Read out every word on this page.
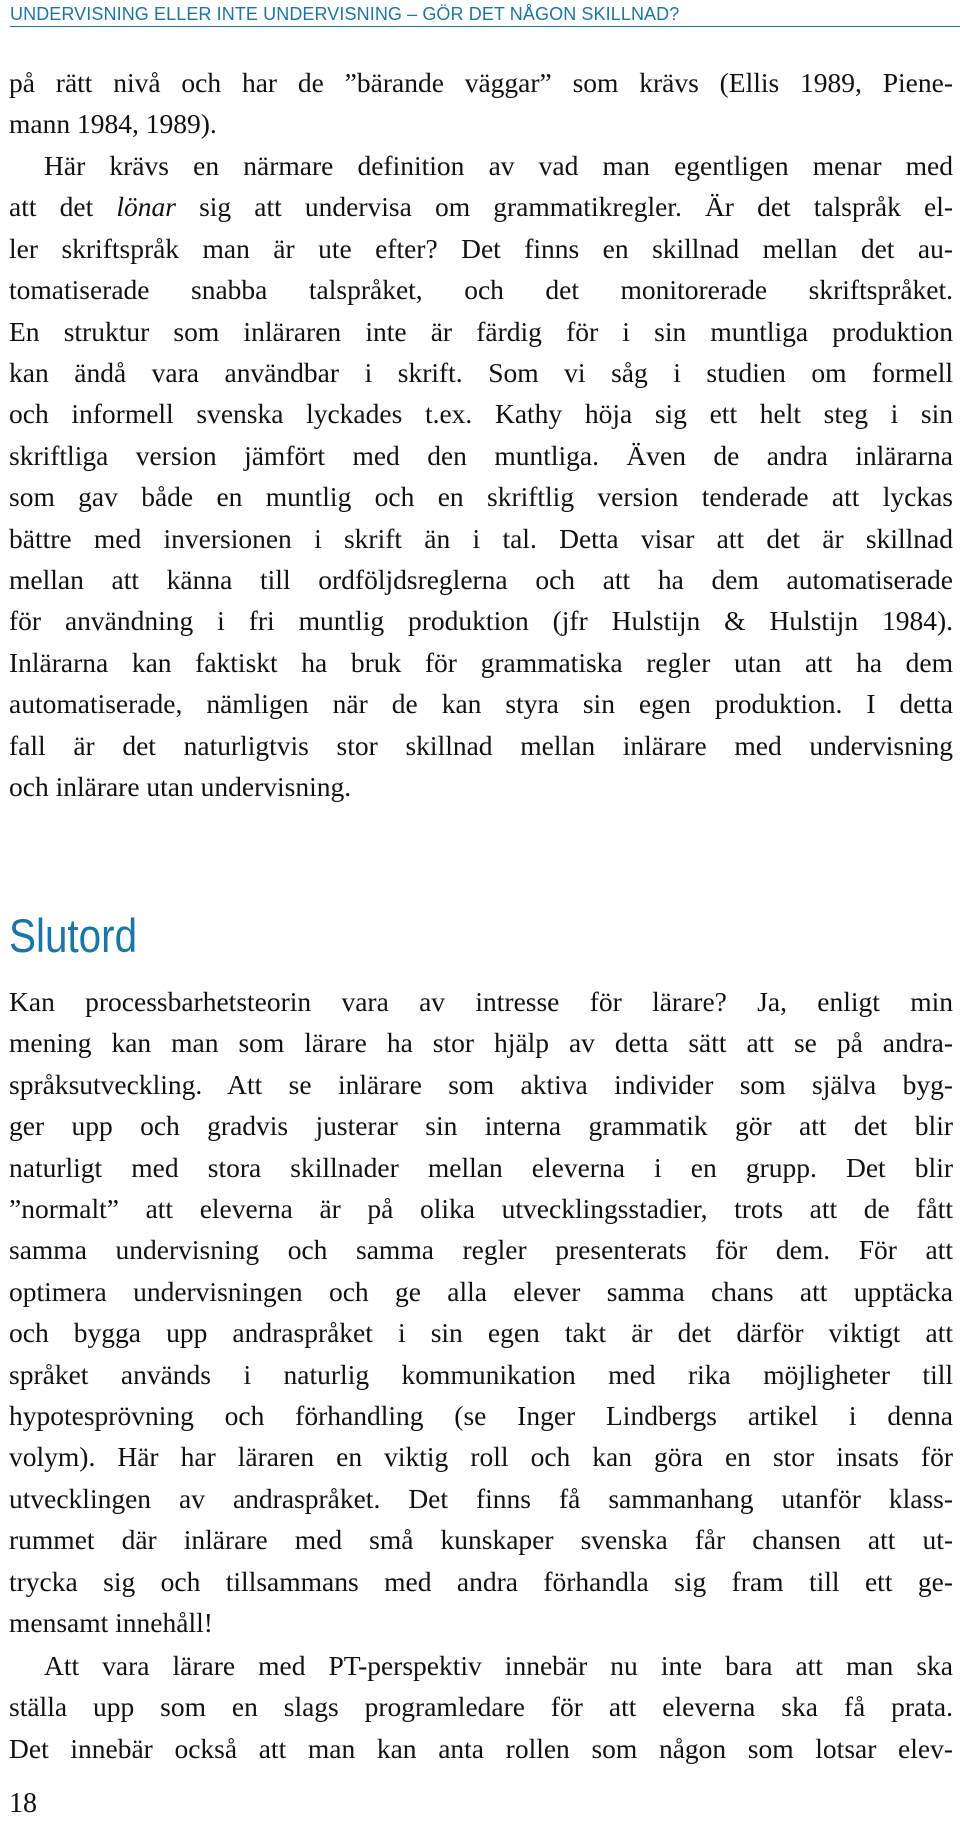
UNDERVISNING ELLER INTE UNDERVISNING – GÖR DET NÅGON SKILLNAD?
på rätt nivå och har de ”bärande väggar” som krävs (Ellis 1989, Piene-
mann 1984, 1989).
Här krävs en närmare definition av vad man egentligen menar med
att det lönar sig att undervisa om grammatikregler. Är det talspråk el-
ler skriftspråk man är ute efter? Det finns en skillnad mellan det au-
tomatiserade snabba talspråket, och det monitorerade skriftspråket.
En struktur som inläraren inte är färdig för i sin muntliga produktion
kan ändå vara användbar i skrift. Som vi såg i studien om formell
och informell svenska lyckades t.ex. Kathy höja sig ett helt steg i sin
skriftliga version jämfört med den muntliga. Även de andra inlärarna
som gav både en muntlig och en skriftlig version tenderade att lyckas
bättre med inversionen i skrift än i tal. Detta visar att det är skillnad
mellan att känna till ordföljdsreglerna och att ha dem automatiserade
för användning i fri muntlig produktion (jfr Hulstijn & Hulstijn 1984).
Inlärarna kan faktiskt ha bruk för grammatiska regler utan att ha dem
automatiserade, nämligen när de kan styra sin egen produktion. I detta
fall är det naturligtvis stor skillnad mellan inlärare med undervisning
och inlärare utan undervisning.
Slutord
Kan processbarhetsteorin vara av intresse för lärare? Ja, enligt min
mening kan man som lärare ha stor hjälp av detta sätt att se på andra-
språksutveckling. Att se inlärare som aktiva individer som själva byg-
ger upp och gradvis justerar sin interna grammatik gör att det blir
naturligt med stora skillnader mellan eleverna i en grupp. Det blir
”normalt” att eleverna är på olika utvecklingsstadier, trots att de fått
samma undervisning och samma regler presenterats för dem. För att
optimera undervisningen och ge alla elever samma chans att upptäcka
och bygga upp andraspråket i sin egen takt är det därför viktigt att
språket används i naturlig kommunikation med rika möjligheter till
hypotesprövning och förhandling (se Inger Lindbergs artikel i denna
volym). Här har läraren en viktig roll och kan göra en stor insats för
utvecklingen av andraspråket. Det finns få sammanhang utanför klass-
rummet där inlärare med små kunskaper svenska får chansen att ut-
trycka sig och tillsammans med andra förhandla sig fram till ett ge-
mensamt innehåll!
Att vara lärare med PT-perspektiv innebär nu inte bara att man ska
ställa upp som en slags programledare för att eleverna ska få prata.
Det innebär också att man kan anta rollen som någon som lotsar elev-
18
